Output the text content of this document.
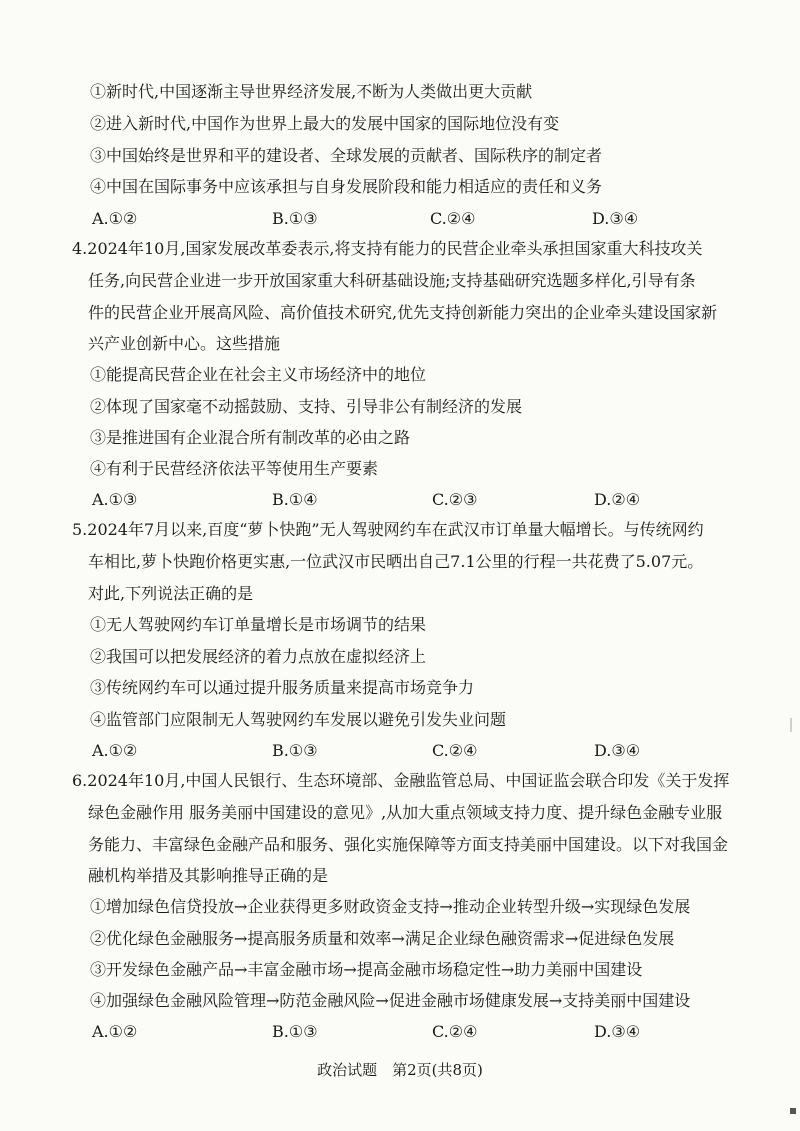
①新时代,中国逐渐主导世界经济发展,不断为人类做出更大贡献
②进入新时代,中国作为世界上最大的发展中国家的国际地位没有变
③中国始终是世界和平的建设者、全球发展的贡献者、国际秩序的制定者
④中国在国际事务中应该承担与自身发展阶段和能力相适应的责任和义务
A.①②	B.①③	C.②④	D.③④
4.2024年10月,国家发展改革委表示,将支持有能力的民营企业牵头承担国家重大科技攻关
任务,向民营企业进一步开放国家重大科研基础设施;支持基础研究选题多样化,引导有条
件的民营企业开展高风险、高价值技术研究,优先支持创新能力突出的企业牵头建设国家新
兴产业创新中心。这些措施
①能提高民营企业在社会主义市场经济中的地位
②体现了国家毫不动摇鼓励、支持、引导非公有制经济的发展
③是推进国有企业混合所有制改革的必由之路
④有利于民营经济依法平等使用生产要素
A.①③	B.①④	C.②③	D.②④
5.2024年7月以来,百度“萝卜快跑”无人驾驶网约车在武汉市订单量大幅增长。与传统网约
车相比,萝卜快跑价格更实惠,一位武汉市民晒出自己7.1公里的行程一共花费了5.07元。
对此,下列说法正确的是
①无人驾驶网约车订单量增长是市场调节的结果
②我国可以把发展经济的着力点放在虚拟经济上
③传统网约车可以通过提升服务质量来提高市场竞争力
④监管部门应限制无人驾驶网约车发展以避免引发失业问题
A.①②	B.①③	C.②④	D.③④
6.2024年10月,中国人民银行、生态环境部、金融监管总局、中国证监会联合印发《关于发挥
绿色金融作用 服务美丽中国建设的意见》,从加大重点领域支持力度、提升绿色金融专业服
务能力、丰富绿色金融产品和服务、强化实施保障等方面支持美丽中国建设。以下对我国金
融机构举措及其影响推导正确的是
①增加绿色信贷投放→企业获得更多财政资金支持→推动企业转型升级→实现绿色发展
②优化绿色金融服务→提高服务质量和效率→满足企业绿色融资需求→促进绿色发展
③开发绿色金融产品→丰富金融市场→提高金融市场稳定性→助力美丽中国建设
④加强绿色金融风险管理→防范金融风险→促进金融市场健康发展→支持美丽中国建设
A.①②	B.①③	C.②④	D.③④
政治试题　第2页(共8页)
